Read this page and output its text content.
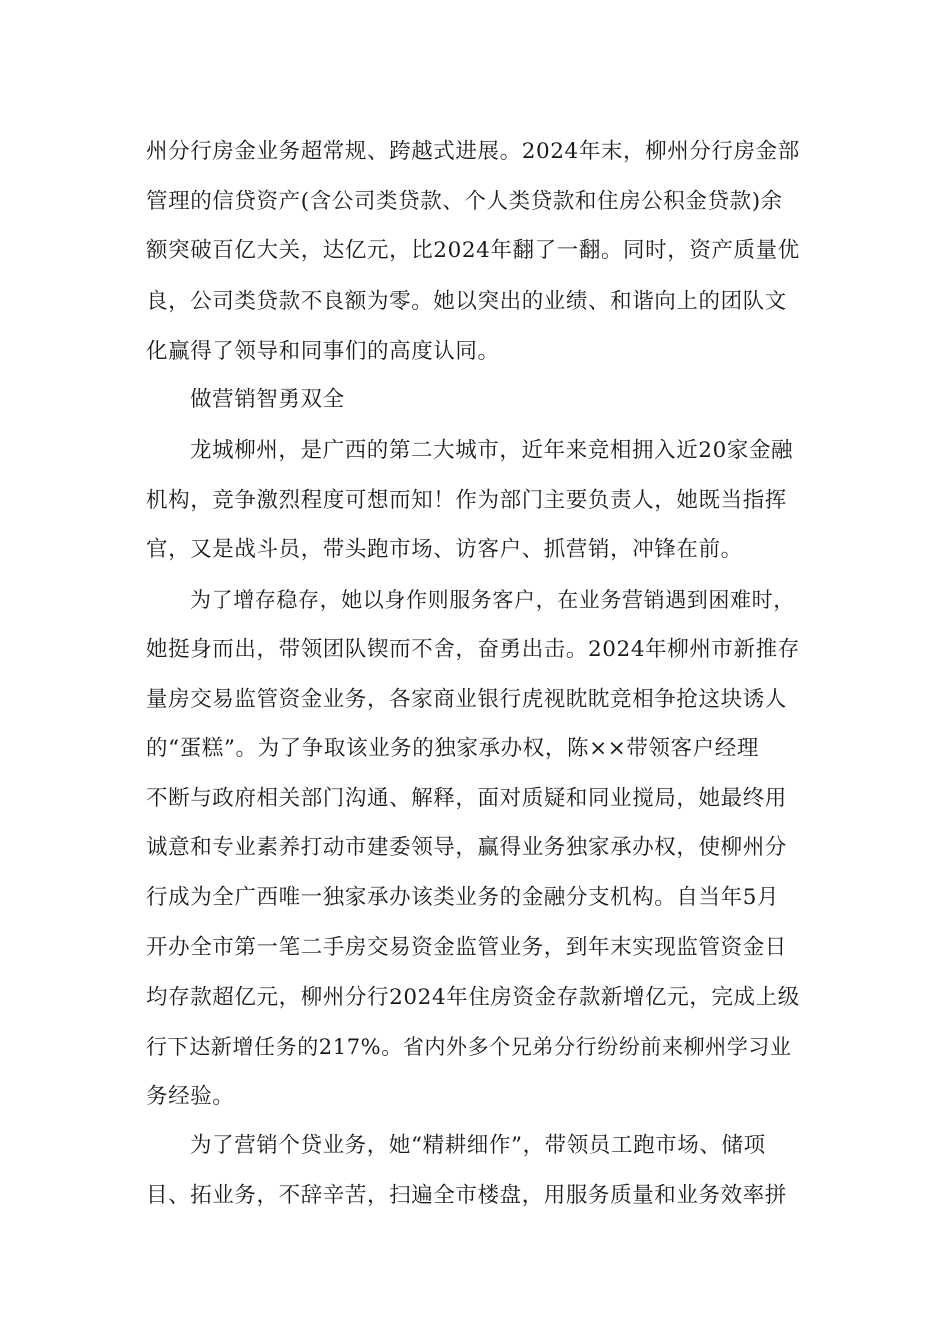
州分行房金业务超常规、跨越式进展。2024年末，柳州分行房金部
管理的信贷资产(含公司类贷款、个人类贷款和住房公积金贷款)余
额突破百亿大关，达亿元，比2024年翻了一翻。同时，资产质量优
良，公司类贷款不良额为零。她以突出的业绩、和谐向上的团队文
化赢得了领导和同事们的高度认同。
做营销智勇双全
龙城柳州，是广西的第二大城市，近年来竞相拥入近20家金融
机构，竞争激烈程度可想而知！作为部门主要负责人，她既当指挥
官，又是战斗员，带头跑市场、访客户、抓营销，冲锋在前。
为了增存稳存，她以身作则服务客户，在业务营销遇到困难时，
她挺身而出，带领团队锲而不舍，奋勇出击。2024年柳州市新推存
量房交易监管资金业务，各家商业银行虎视眈眈竞相争抢这块诱人
的“蛋糕”。为了争取该业务的独家承办权，陈××带领客户经理
不断与政府相关部门沟通、解释，面对质疑和同业搅局，她最终用
诚意和专业素养打动市建委领导，赢得业务独家承办权，使柳州分
行成为全广西唯一独家承办该类业务的金融分支机构。自当年5月
开办全市第一笔二手房交易资金监管业务，到年末实现监管资金日
均存款超亿元，柳州分行2024年住房资金存款新增亿元，完成上级
行下达新增任务的217%。省内外多个兄弟分行纷纷前来柳州学习业
务经验。
为了营销个贷业务，她“精耕细作”，带领员工跑市场、储项
目、拓业务，不辞辛苦，扫遍全市楼盘，用服务质量和业务效率拼
